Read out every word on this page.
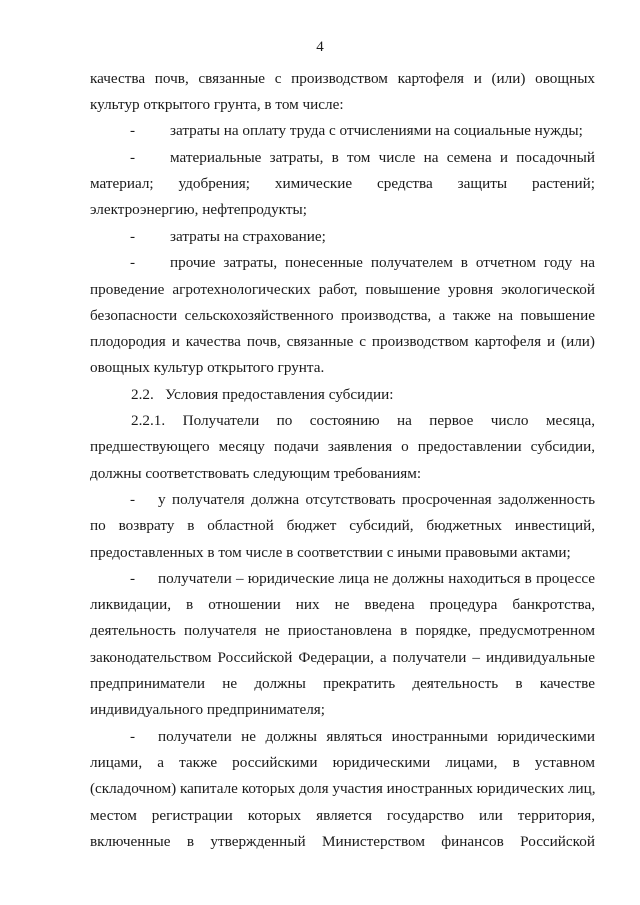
4
качества почв, связанные с производством картофеля и (или) овощных
культур открытого грунта, в том числе:
- затраты на оплату труда с отчислениями на социальные нужды;
- материальные затраты, в том числе на семена и посадочный
материал; удобрения; химические средства защиты растений;
электроэнергию, нефтепродукты;
- затраты на страхование;
- прочие затраты, понесенные получателем в отчетном году на
проведение агротехнологических работ, повышение уровня экологической
безопасности сельскохозяйственного производства, а также на повышение
плодородия и качества почв, связанные с производством картофеля и (или)
овощных культур открытого грунта.
2.2.   Условия предоставления субсидии:
2.2.1. Получатели по состоянию на первое число месяца,
предшествующего месяцу подачи заявления о предоставлении субсидии,
должны соответствовать следующим требованиям:
- у получателя должна отсутствовать просроченная задолженность
по возврату в областной бюджет субсидий, бюджетных инвестиций,
предоставленных в том числе в соответствии с иными правовыми актами;
- получатели – юридические лица не должны находиться в процессе
ликвидации, в отношении них не введена процедура банкротства,
деятельность получателя не приостановлена в порядке, предусмотренном
законодательством Российской Федерации, а получатели – индивидуальные
предприниматели не должны прекратить деятельность в качестве
индивидуального предпринимателя;
- получатели не должны являться иностранными юридическими
лицами, а также российскими юридическими лицами, в уставном
(складочном) капитале которых доля участия иностранных юридических лиц,
местом регистрации которых является государство или территория,
включенные в утвержденный Министерством финансов Российской
